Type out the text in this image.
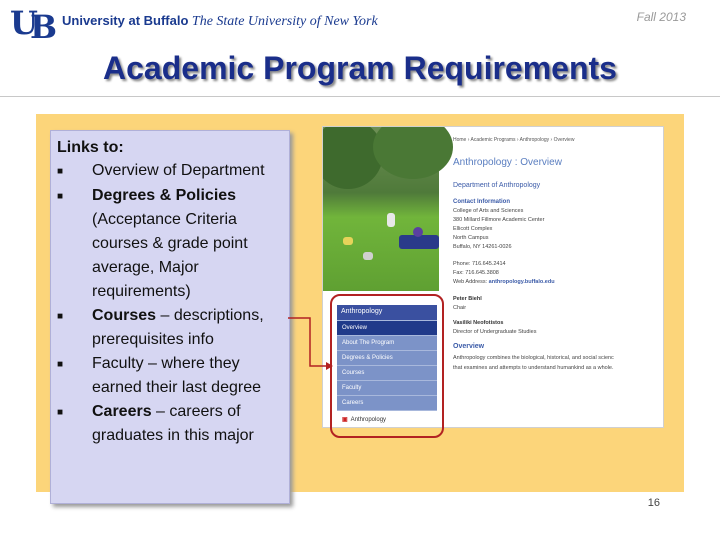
U
B University at Buffalo The State University of New York	Fall 2013
Academic Program Requirements
Links to:
■	Overview of Department
■	Degrees & Policies (Acceptance Criteria courses & grade point average, Major requirements)
■	Courses – descriptions, prerequisites info
■	Faculty – where they earned their last degree
■	Careers – careers of graduates in this major
Anthropology
Overview
About The Program
Degrees & Policies
Courses
Faculty
Careers
▣ Anthropology
Home › Academic Programs › Anthropology › Overview
Anthropology : Overview
Department of Anthropology
Contact Information
College of Arts and Sciences
380 Millard Fillmore Academic Center
Ellicott Complex
North Campus
Buffalo, NY 14261-0026
Phone: 716.645.2414
Fax: 716.645.3808
Web Address: anthropology.buffalo.edu
Peter Biehl
Chair
Vasiliki Neofotistos
Director of Undergraduate Studies
Overview
Anthropology combines the biological, historical, and social scienc
that examines and attempts to understand humankind as a whole.
16
